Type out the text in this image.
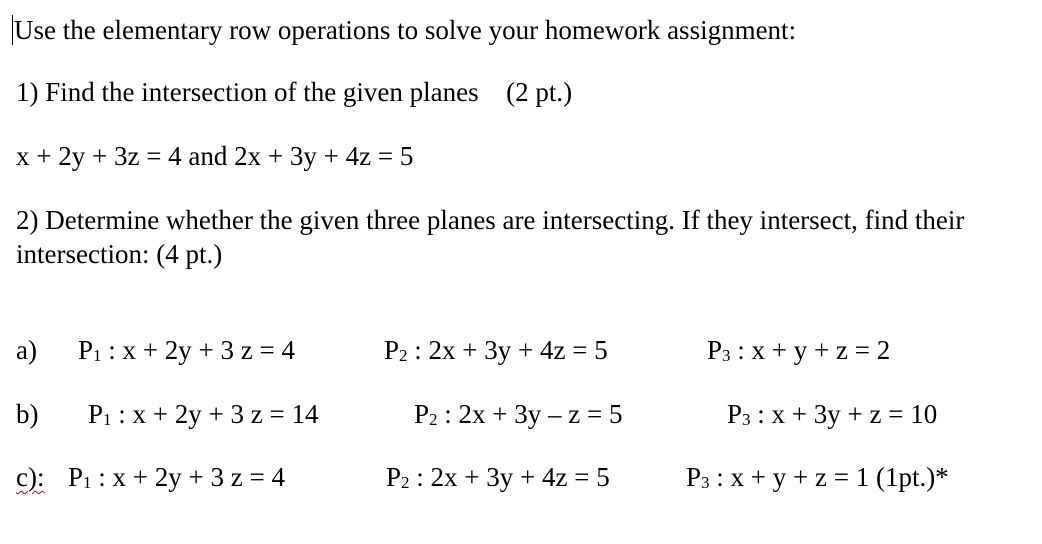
Use the elementary row operations to solve your homework assignment:
1) Find the intersection of the given planes (2 pt.)
x + 2y + 3z = 4 and 2x + 3y + 4z = 5
2) Determine whether the given three planes are intersecting. If they intersect, find their
intersection: (4 pt.)
a) $P_1$ : x + 2y + 3 z = 4	$P_2$ : 2x + 3y + 4z = 5	$P_3$ : x + y + z = 2
b) $P_1$ : x + 2y + 3 z = 14	$P_2$ : 2x + 3y – z = 5	$P_3$ : x + 3y + z = 10
c): $P_1$ : x + 2y + 3 z = 4	$P_2$ : 2x + 3y + 4z = 5	$P_3$ : x + y + z = 1 (1pt.)*
